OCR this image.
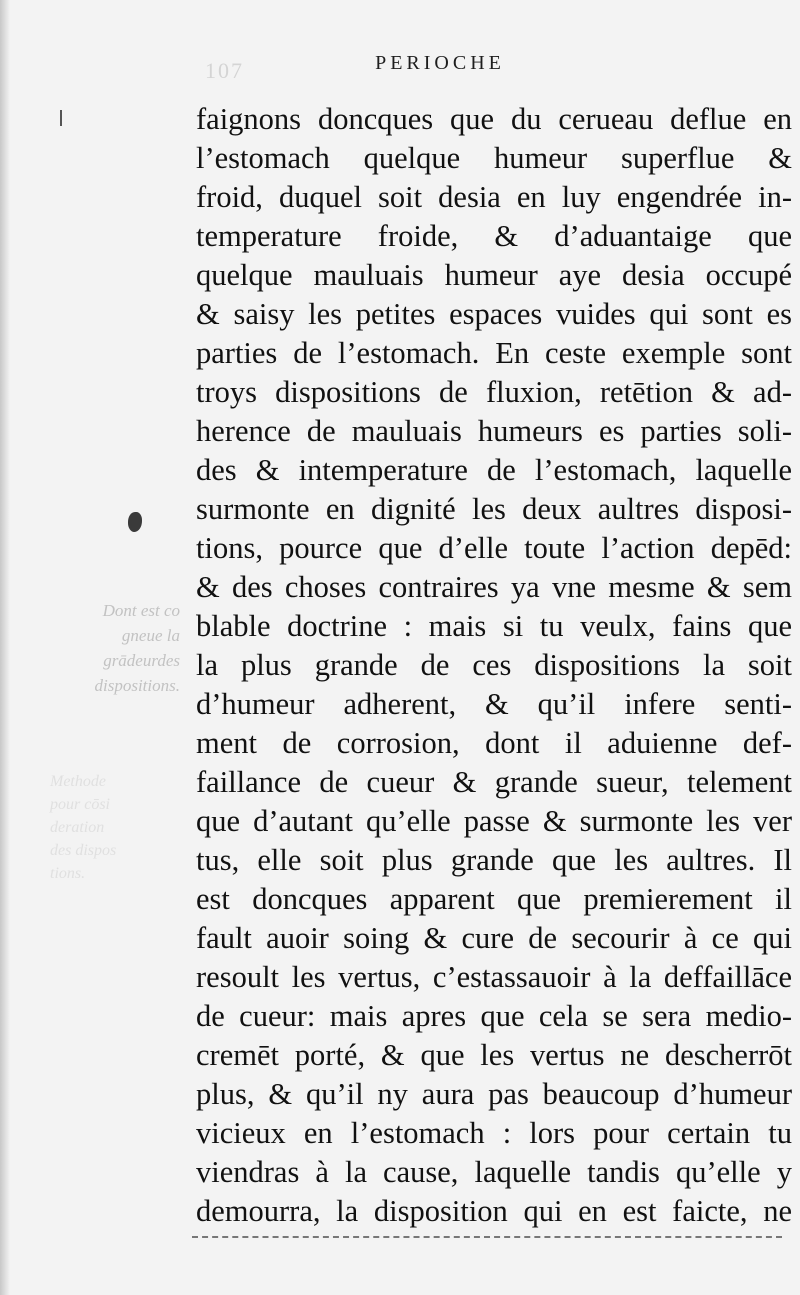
107	PERIOCHE
faignons doncques que du cerueau deflue en
l’estomach quelque humeur superflue &
froid, duquel soit desia en luy engendrée in-
temperature froide, & d’aduantaige que
quelque mauluais humeur aye desia occupé
& saisy les petites espaces vuides qui sont es
parties de l’estomach. En ceste exemple sont
troys dispositions de fluxion, retētion & ad-
herence de mauluais humeurs es parties soli-
des & intemperature de l’estomach, laquelle
surmonte en dignité les deux aultres disposi-
tions, pource que d’elle toute l’action depēd:
& des choses contraires ya vne mesme & sem
blable doctrine : mais si tu veulx, fains que
la plus grande de ces dispositions la soit
d’humeur adherent, & qu’il infere senti-
ment de corrosion, dont il aduienne def-
faillance de cueur & grande sueur, telement
que d’autant qu’elle passe & surmonte les ver
tus, elle soit plus grande que les aultres. Il
est doncques apparent que premierement il
fault auoir soing & cure de secourir à ce qui
resoult les vertus, c’estassauoir à la deffaillāce
de cueur: mais apres que cela se sera medio-
cremēt porté, & que les vertus ne descherrōt
plus, & qu’il ny aura pas beaucoup d’humeur
vicieux en l’estomach : lors pour certain tu
viendras à la cause, laquelle tandis qu’elle y
demourra, la disposition qui en est faicte, ne
Dont est co
gneue la
grādeurdes
dispositions.
Methode
pour cōsi
deration
des dispos
tions.
